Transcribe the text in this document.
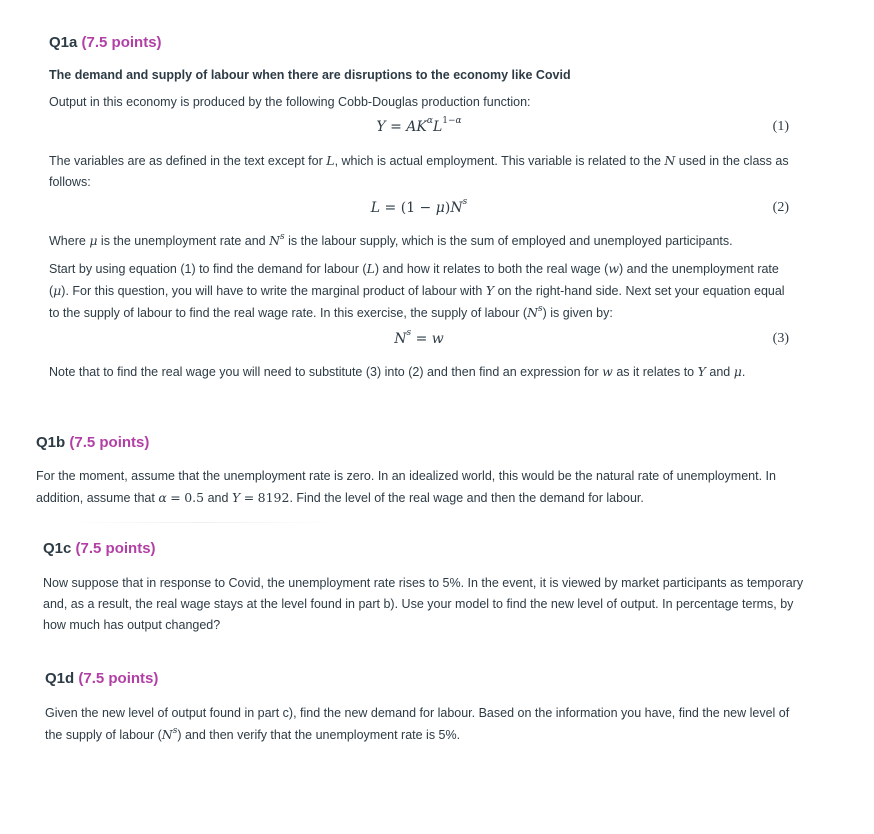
Q1a (7.5 points)
The demand and supply of labour when there are disruptions to the economy like Covid

Output in this economy is produced by the following Cobb-Douglas production function:

$Y = AK^\alpha L^{1-\alpha}$	(1)

The variables are as defined in the text except for L, which is actual employment. This variable is related to the N used in the class as follows:

$L = (1 - \mu)N^s$	(2)

Where μ is the unemployment rate and $N^s$ is the labour supply, which is the sum of employed and unemployed participants.

Start by using equation (1) to find the demand for labour (L) and how it relates to both the real wage (w) and the unemployment rate (μ). For this question, you will have to write the marginal product of labour with Y on the right-hand side. Next set your equation equal to the supply of labour to find the real wage rate. In this exercise, the supply of labour $(N^s)$ is given by:

$N^s = w$	(3)

Note that to find the real wage you will need to substitute (3) into (2) and then find an expression for w as it relates to Y and μ.

Q1b (7.5 points)

For the moment, assume that the unemployment rate is zero. In an idealized world, this would be the natural rate of unemployment. In addition, assume that α = 0.5 and Y = 8192. Find the level of the real wage and then the demand for labour.

Q1c (7.5 points)

Now suppose that in response to Covid, the unemployment rate rises to 5%. In the event, it is viewed by market participants as temporary and, as a result, the real wage stays at the level found in part b). Use your model to find the new level of output. In percentage terms, by how much has output changed?

Q1d (7.5 points)

Given the new level of output found in part c), find the new demand for labour. Based on the information you have, find the new level of the supply of labour $(N^s)$ and then verify that the unemployment rate is 5%.
